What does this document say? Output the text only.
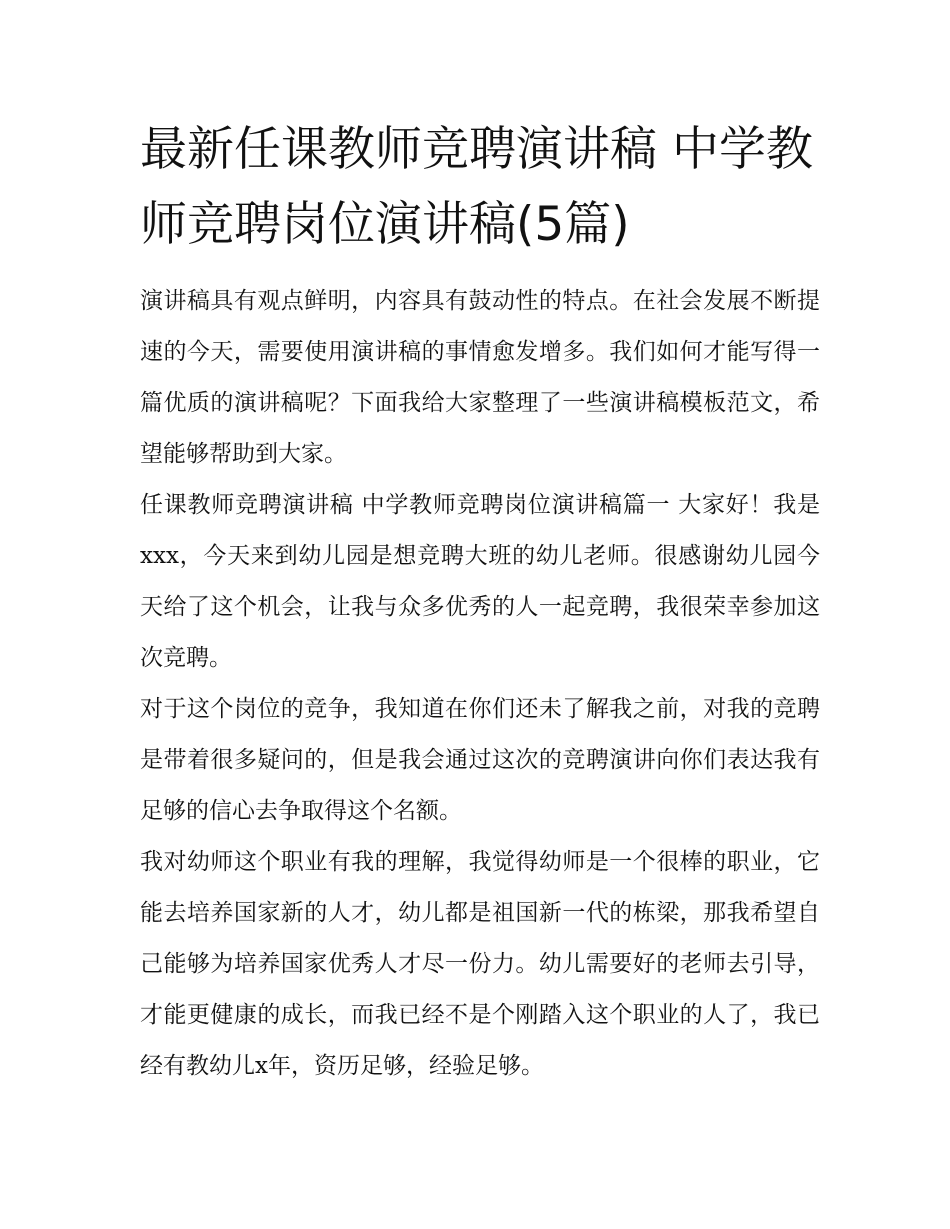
最新任课教师竞聘演讲稿 中学教师竞聘岗位演讲稿(5篇)

演讲稿具有观点鲜明，内容具有鼓动性的特点。在社会发展不断提速的今天，需要使用演讲稿的事情愈发增多。我们如何才能写得一篇优质的演讲稿呢？下面我给大家整理了一些演讲稿模板范文，希望能够帮助到大家。

任课教师竞聘演讲稿 中学教师竞聘岗位演讲稿篇一 大家好！我是xxx，今天来到幼儿园是想竞聘大班的幼儿老师。很感谢幼儿园今天给了这个机会，让我与众多优秀的人一起竞聘，我很荣幸参加这次竞聘。

对于这个岗位的竞争，我知道在你们还未了解我之前，对我的竞聘是带着很多疑问的，但是我会通过这次的竞聘演讲向你们表达我有足够的信心去争取得这个名额。

我对幼师这个职业有我的理解，我觉得幼师是一个很棒的职业，它能去培养国家新的人才，幼儿都是祖国新一代的栋梁，那我希望自己能够为培养国家优秀人才尽一份力。幼儿需要好的老师去引导，才能更健康的成长，而我已经不是个刚踏入这个职业的人了，我已经有教幼儿x年，资历足够，经验足够。
